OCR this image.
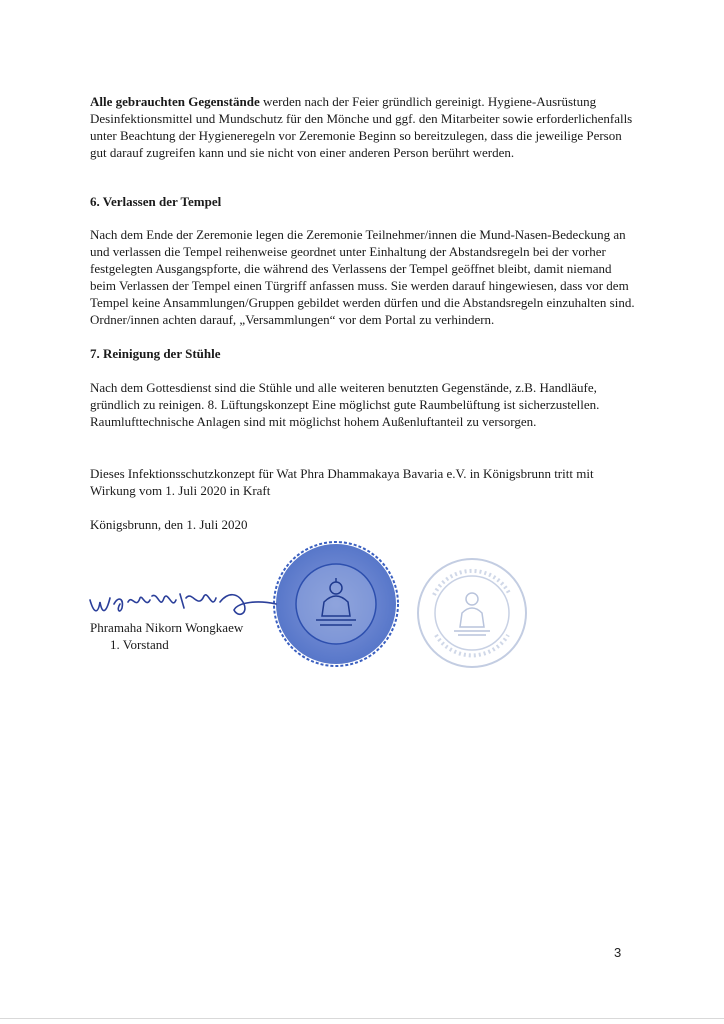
Alle gebrauchten Gegenstände werden nach der Feier gründlich gereinigt. Hygiene-Ausrüstung Desinfektionsmittel und Mundschutz für den Mönche und ggf. den Mitarbeiter sowie erforderlichenfalls unter Beachtung der Hygieneregeln vor Zeremonie Beginn so bereitzulegen, dass die jeweilige Person gut darauf zugreifen kann und sie nicht von einer anderen Person berührt werden.

6. Verlassen der Tempel

Nach dem Ende der Zeremonie legen die Zeremonie Teilnehmer/innen die Mund-Nasen-Bedeckung an und verlassen die Tempel reihenweise geordnet unter Einhaltung der Abstandsregeln bei der vorher festgelegten Ausgangspforte, die während des Verlassens der Tempel geöffnet bleibt, damit niemand beim Verlassen der Tempel einen Türgriff anfassen muss. Sie werden darauf hingewiesen, dass vor dem Tempel keine Ansammlungen/Gruppen gebildet werden dürfen und die Abstandsregeln einzuhalten sind. Ordner/innen achten darauf, „Versammlungen“ vor dem Portal zu verhindern.

7. Reinigung der Stühle

Nach dem Gottesdienst sind die Stühle und alle weiteren benutzten Gegenstände, z.B. Handläufe, gründlich zu reinigen. 8. Lüftungskonzept Eine möglichst gute Raumbelüftung ist sicherzustellen. Raumlufttechnische Anlagen sind mit möglichst hohem Außenluftanteil zu versorgen.

Dieses Infektionsschutzkonzept für Wat Phra Dhammakaya Bavaria e.V. in Königsbrunn tritt mit Wirkung vom 1. Juli 2020 in Kraft

Königsbrunn, den 1. Juli 2020

Phramaha Nikorn Wongkaew
1. Vorstand
3
